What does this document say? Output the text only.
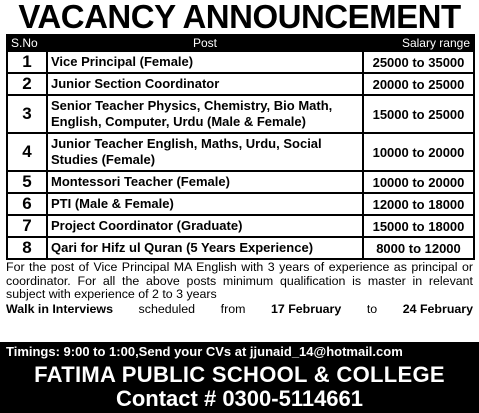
VACANCY ANNOUNCEMENT
S.No	Post	Salary range
1	Vice Principal (Female)	25000 to 35000
2	Junior Section Coordinator	20000 to 25000
3	Senior Teacher Physics, Chemistry, Bio Math, English, Computer, Urdu (Male & Female)	15000 to 25000
4	Junior Teacher English, Maths, Urdu, Social Studies (Female)	10000 to 20000
5	Montessori Teacher (Female)	10000 to 20000
6	PTI (Male & Female)	12000 to 18000
7	Project Coordinator (Graduate)	15000 to 18000
8	Qari for Hifz ul Quran (5 Years Experience)	8000 to 12000
For the post of Vice Principal MA English with 3 years of experience as principal or coordinator. For all the above posts minimum qualification is master in relevant subject with experience of 2 to 3 years
Walk in Interviews scheduled from 17 February to 24 February
Timings: 9:00 to 1:00,Send your CVs at jjunaid_14@hotmail.com
FATIMA PUBLIC SCHOOL & COLLEGE
Contact # 0300-5114661
